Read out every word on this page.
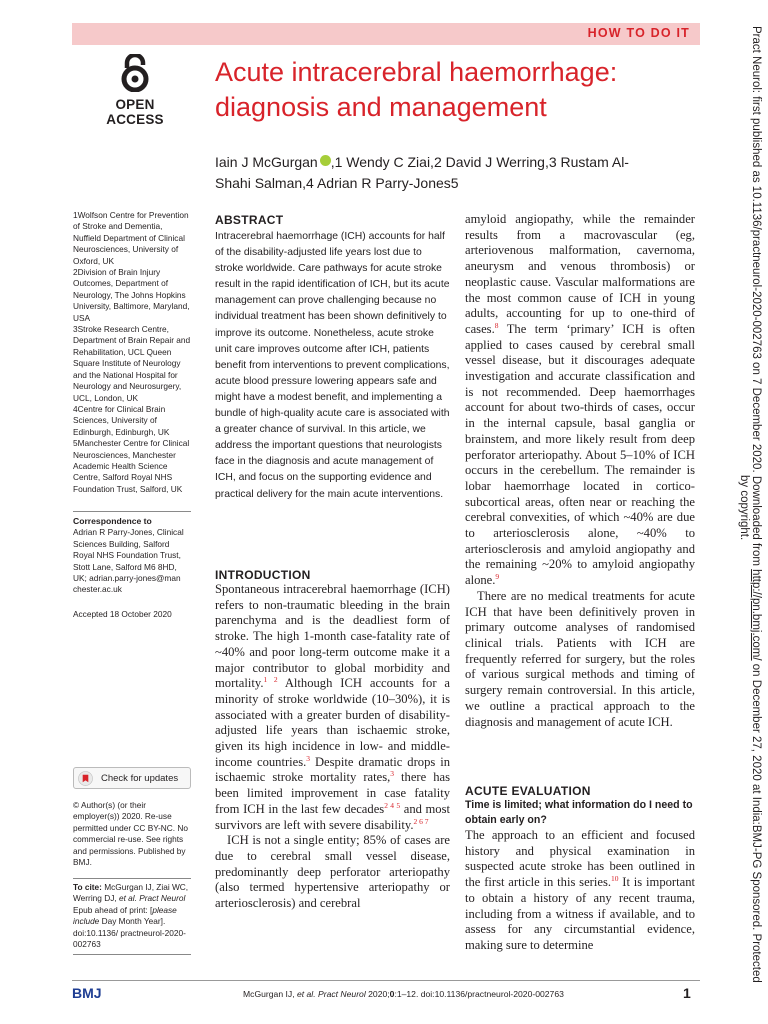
HOW TO DO IT
OPEN ACCESS
Acute intracerebral haemorrhage: diagnosis and management
Iain J McGurgan ,1 Wendy C Ziai,2 David J Werring,3 Rustam Al-
Shahi Salman,4 Adrian R Parry-Jones5

1Wolfson Centre for Prevention of Stroke and Dementia, Nuffield Department of Clinical Neurosciences, University of Oxford, UK

2Division of Brain Injury Outcomes, Department of Neurology, The Johns Hopkins University, Baltimore, Maryland, USA

3Stroke Research Centre, Department of Brain Repair and Rehabilitation, UCL Queen Square Institute of Neurology and the National Hospital for Neurology and Neurosurgery, UCL, London, UK

4Centre for Clinical Brain Sciences, University of Edinburgh, Edinburgh, UK

5Manchester Centre for Clinical Neurosciences, Manchester Academic Health Science Centre, Salford Royal NHS Foundation Trust, Salford, UK

Correspondence to
Adrian R Parry-Jones, Clinical Sciences Building, Salford Royal NHS Foundation Trust, Stott Lane, Salford M6 8HD, UK; adrian.parry-jones@man chester.ac.uk
Accepted 18 October 2020
Check for updates
© Author(s) (or their employer(s)) 2020. Re-use permitted under CC BY-NC. No commercial re-use. See rights and permissions. Published by BMJ.
To cite: McGurgan IJ, Ziai WC, Werring DJ, et al. Pract Neurol Epub ahead of print: [please include Day Month Year]. doi:10.1136/ practneurol-2020-002763
ABSTRACT
Intracerebral haemorrhage (ICH) accounts for half of the disability-adjusted life years lost due to stroke worldwide. Care pathways for acute stroke result in the rapid identification of ICH, but its acute management can prove challenging because no individual treatment has been shown definitively to improve its outcome. Nonetheless, acute stroke unit care improves outcome after ICH, patients benefit from interventions to prevent complications, acute blood pressure lowering appears safe and might have a modest benefit, and implementing a bundle of high-quality acute care is associated with a greater chance of survival. In this article, we address the important questions that neurologists face in the diagnosis and acute management of ICH, and focus on the supporting evidence and practical delivery for the main acute interventions.
INTRODUCTION

Spontaneous intracerebral haemorrhage (ICH) refers to non-traumatic bleeding in the brain parenchyma and is the deadliest form of stroke. The high 1-month case-fatality rate of ~40% and poor long-term outcome make it a major contributor to global morbidity and mortality.$^{1 2}$ Although ICH accounts for a minority of stroke worldwide (10–30%), it is associated with a greater burden of disability-adjusted life years than ischaemic stroke, given its high incidence in low- and middle-income countries.$^3$ Despite dramatic drops in ischaemic stroke mortality rates,$^3$ there has been limited improvement in case fatality from ICH in the last few decades$^{2 4 5}$ and most survivors are left with severe disability.$^{2 6 7}$

ICH is not a single entity; 85% of cases are due to cerebral small vessel disease, predominantly deep perforator arteriopathy (also termed hypertensive arteriopathy or arteriosclerosis) and cerebral

amyloid angiopathy, while the remainder results from a macrovascular (eg, arteriovenous malformation, cavernoma, aneurysm and venous thrombosis) or neoplastic cause. Vascular malformations are the most common cause of ICH in young adults, accounting for up to one-third of cases.$^8$ The term ‘primary’ ICH is often applied to cases caused by cerebral small vessel disease, but it discourages adequate investigation and accurate classification and is not recommended. Deep haemorrhages account for about two-thirds of cases, occur in the internal capsule, basal ganglia or brainstem, and more likely result from deep perforator arteriopathy. About 5–10% of ICH occurs in the cerebellum. The remainder is lobar haemorrhage located in cortico-subcortical areas, often near or reaching the cerebral convexities, of which ~40% are due to arteriosclerosis alone, ~40% to arteriosclerosis and amyloid angiopathy and the remaining ~20% to amyloid angiopathy alone.$^9$

There are no medical treatments for acute ICH that have been definitively proven in primary outcome analyses of randomised clinical trials. Patients with ICH are frequently referred for surgery, but the roles of various surgical methods and timing of surgery remain controversial. In this article, we outline a practical approach to the diagnosis and management of acute ICH.

ACUTE EVALUATION
Time is limited; what information do I need to obtain early on?

The approach to an efficient and focused history and physical examination in suspected acute stroke has been outlined in the first article in this series.$^{10}$ It is important to obtain a history of any recent trauma, including from a witness if available, and to assess for any circumstantial evidence, making sure to determine

BMJ	McGurgan IJ, et al. Pract Neurol 2020;0:1–12. doi:10.1136/practneurol-2020-002763	1
Pract Neurol: first published as 10.1136/practneurol-2020-002763 on 7 December 2020. Downloaded from http://pn.bmj.com/ on December 27, 2020 at India:BMJ-PG Sponsored. Protected
by copyright.
